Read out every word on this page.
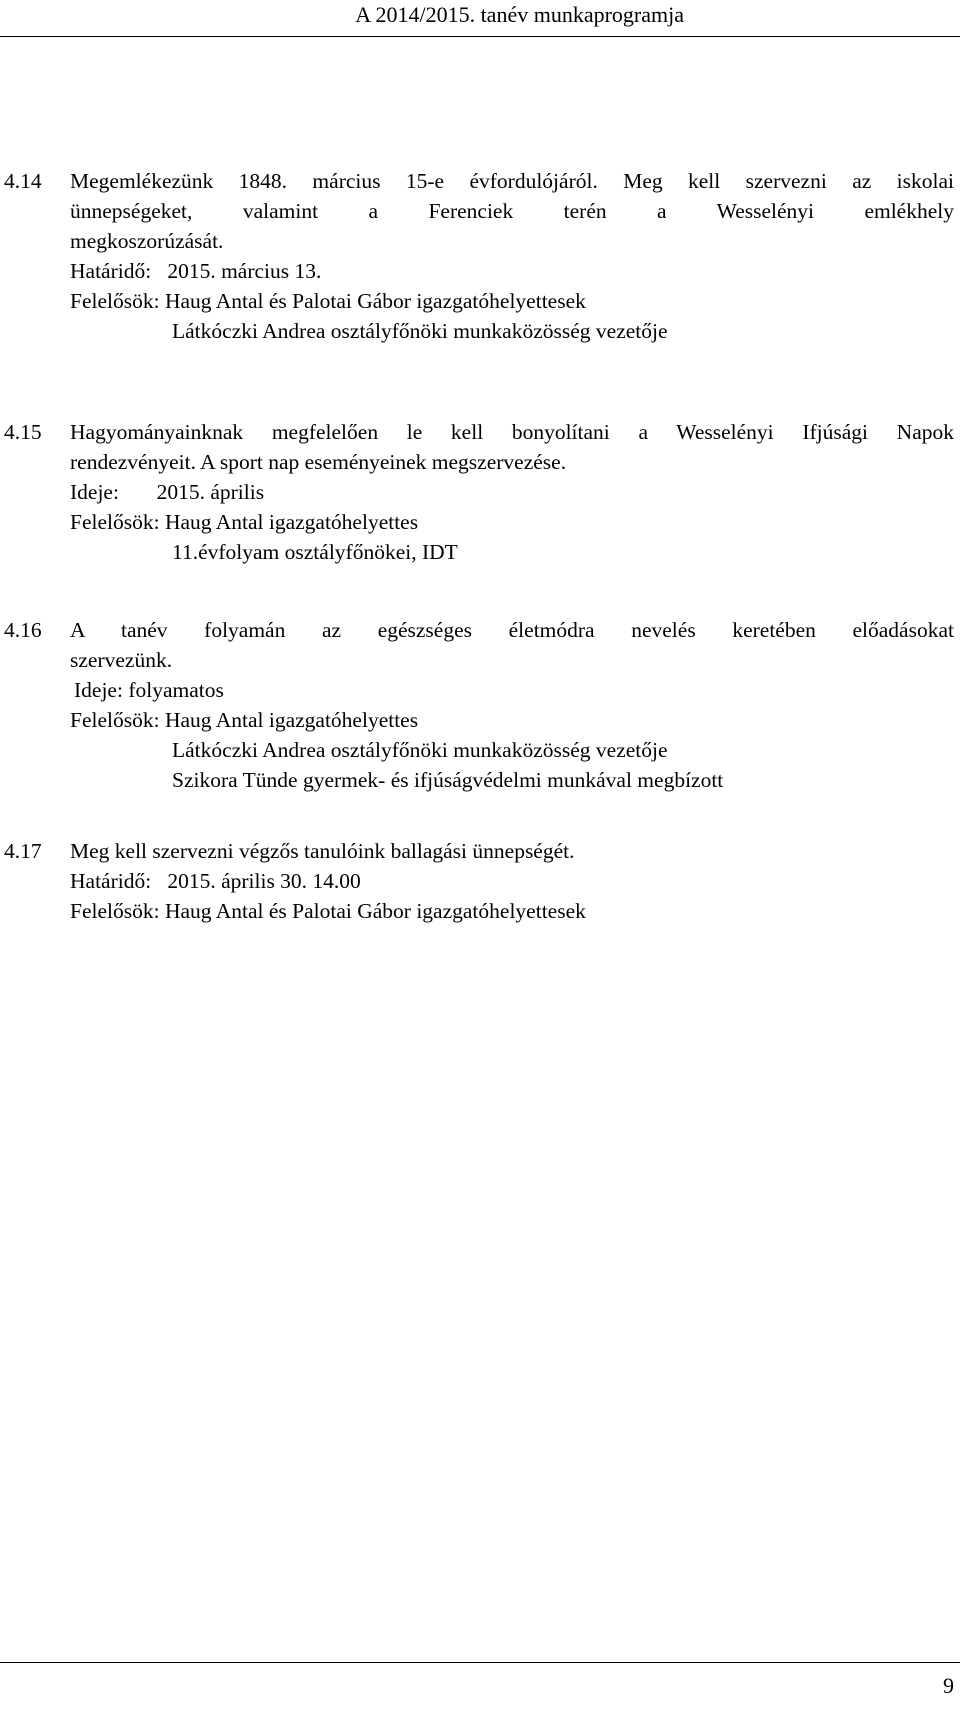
A 2014/2015. tanév munkaprogramja
4.14 Megemlékezünk 1848. március 15-e évfordulójáról. Meg kell szervezni az iskolai
ünnepségeket, valamint a Ferenciek terén a Wesselényi emlékhely
megkoszorúzását.
Határidő:   2015. március 13.
Felelősök: Haug Antal és Palotai Gábor igazgatóhelyettesek
Látkóczki Andrea osztályfőnöki munkaközösség vezetője
4.15 Hagyományainknak megfelelően le kell bonyolítani a Wesselényi Ifjúsági Napok
rendezvényeit. A sport nap eseményeinek megszervezése.
Ideje:       2015. április
Felelősök: Haug Antal igazgatóhelyettes
11.évfolyam osztályfőnökei, IDT
4.16 A tanév folyamán az egészséges életmódra nevelés keretében előadásokat
szervezünk.
Ideje: folyamatos
Felelősök: Haug Antal igazgatóhelyettes
Látkóczki Andrea osztályfőnöki munkaközösség vezetője
Szikora Tünde gyermek- és ifjúságvédelmi munkával megbízott
4.17 Meg kell szervezni végzős tanulóink ballagási ünnepségét.
Határidő:   2015. április 30. 14.00
Felelősök: Haug Antal és Palotai Gábor igazgatóhelyettesek
9
